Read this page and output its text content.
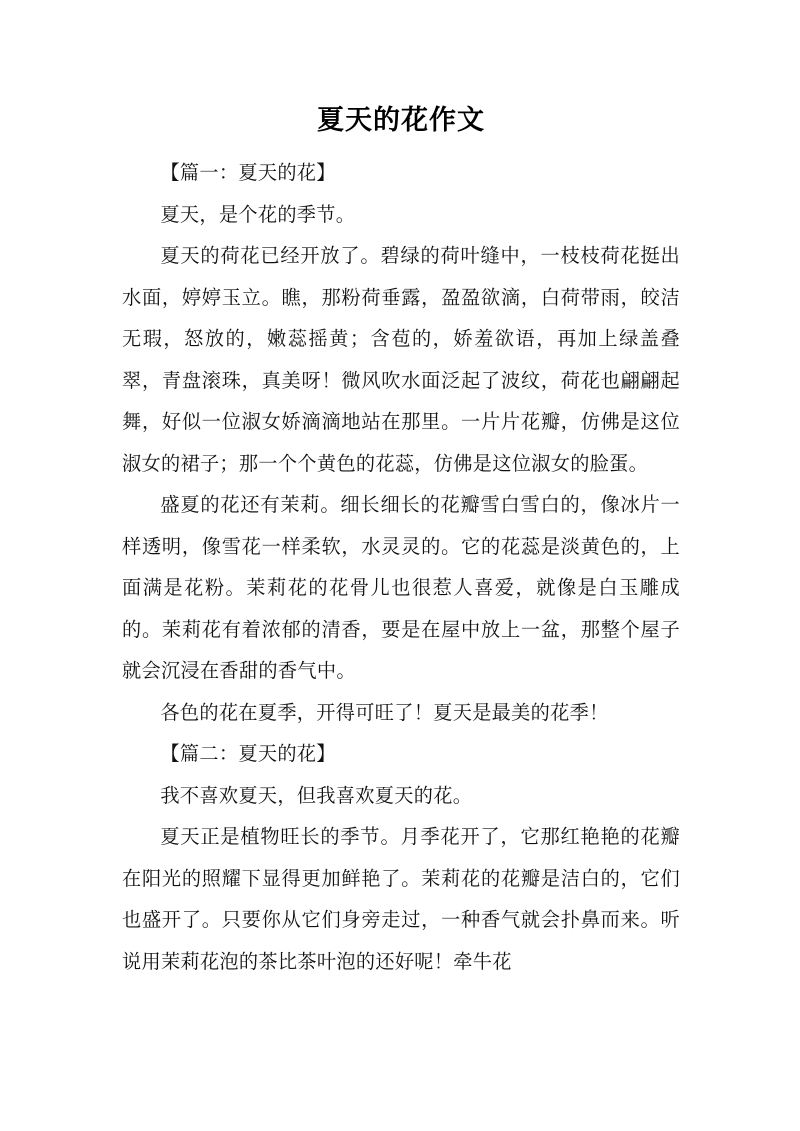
夏天的花作文

【篇一：夏天的花】

夏天，是个花的季节。

夏天的荷花已经开放了。碧绿的荷叶缝中，一枝枝荷花挺出水面，婷婷玉立。瞧，那粉荷垂露，盈盈欲滴，白荷带雨，皎洁无瑕，怒放的，嫩蕊摇黄；含苞的，娇羞欲语，再加上绿盖叠翠，青盘滚珠，真美呀！微风吹水面泛起了波纹，荷花也翩翩起舞，好似一位淑女娇滴滴地站在那里。一片片花瓣，仿佛是这位淑女的裙子；那一个个黄色的花蕊，仿佛是这位淑女的脸蛋。

盛夏的花还有茉莉。细长细长的花瓣雪白雪白的，像冰片一样透明，像雪花一样柔软，水灵灵的。它的花蕊是淡黄色的，上面满是花粉。茉莉花的花骨儿也很惹人喜爱，就像是白玉雕成的。茉莉花有着浓郁的清香，要是在屋中放上一盆，那整个屋子就会沉浸在香甜的香气中。

各色的花在夏季，开得可旺了！夏天是最美的花季！

【篇二：夏天的花】

我不喜欢夏天，但我喜欢夏天的花。

夏天正是植物旺长的季节。月季花开了，它那红艳艳的花瓣在阳光的照耀下显得更加鲜艳了。茉莉花的花瓣是洁白的，它们也盛开了。只要你从它们身旁走过，一种香气就会扑鼻而来。听说用茉莉花泡的茶比茶叶泡的还好呢！牵牛花
